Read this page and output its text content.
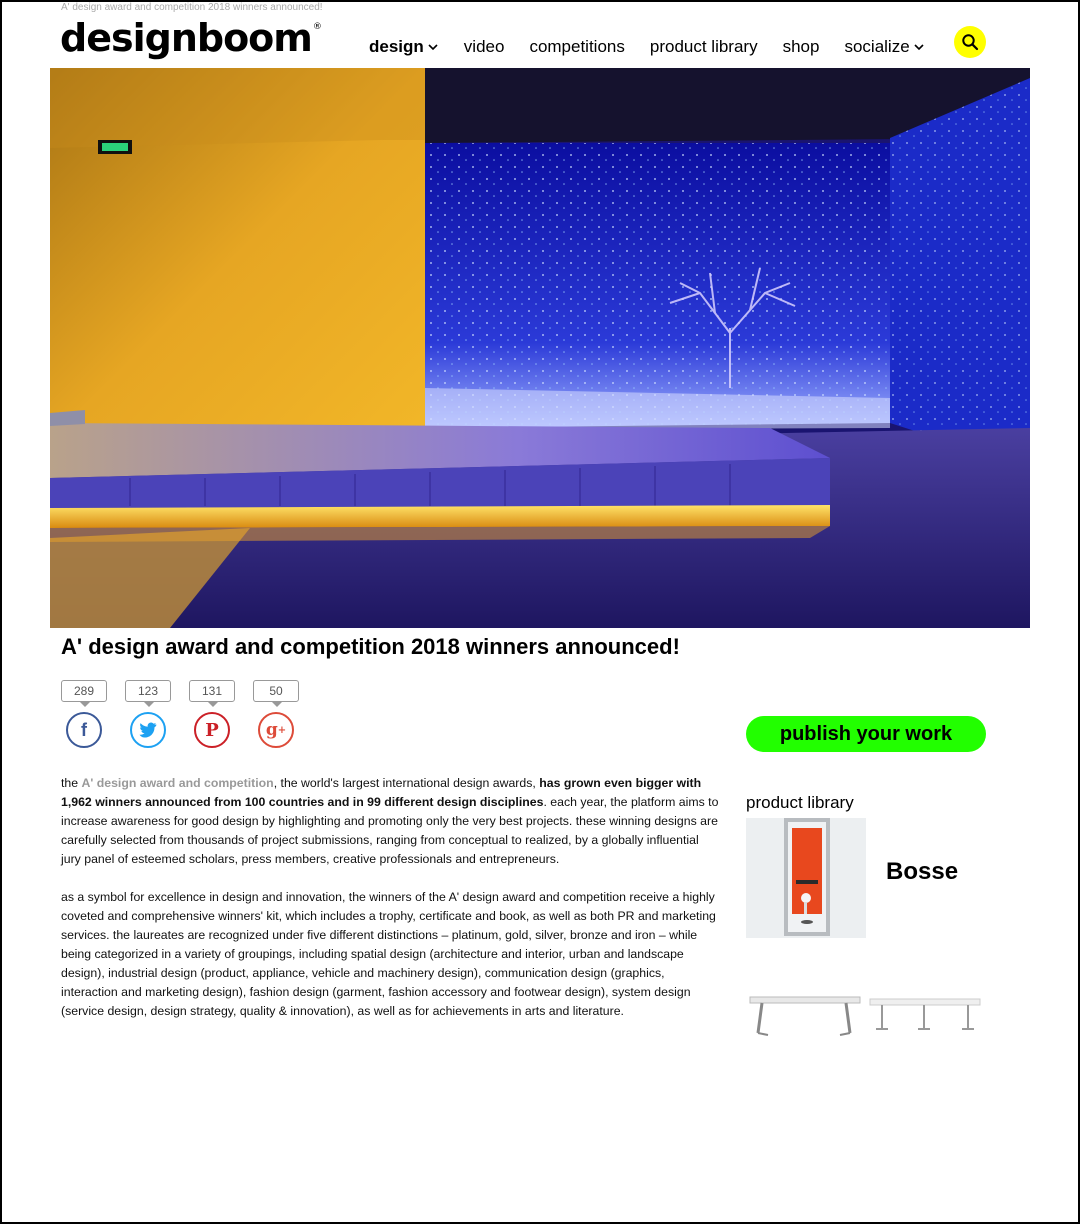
A' design award and competition 2018 winners announced!
designboom®
design video competitions product library shop socialize
A' design award and competition 2018 winners announced!
289
f
123	131
P
50
g +

the A' design award and competition, the world's largest international design awards, has grown even bigger with 1,962 winners announced from 100 countries and in 99 different design disciplines. each year, the platform aims to increase awareness for good design by highlighting and promoting only the very best projects. these winning designs are carefully selected from thousands of project submissions, ranging from conceptual to realized, by a globally influential jury panel of esteemed scholars, press members, creative professionals and entrepreneurs.

as a symbol for excellence in design and innovation, the winners of the A' design award and competition receive a highly coveted and comprehensive winners' kit, which includes a trophy, certificate and book, as well as both PR and marketing services. the laureates are recognized under five different distinctions – platinum, gold, silver, bronze and iron – while being categorized in a variety of groupings, including spatial design (architecture and interior, urban and landscape design), industrial design (product, appliance, vehicle and machinery design), communication design (graphics, interaction and marketing design), fashion design (garment, fashion accessory and footwear design), system design (service design, design strategy, quality & innovation), as well as for achievements in arts and literature.

publish your work
product library
Bosse
